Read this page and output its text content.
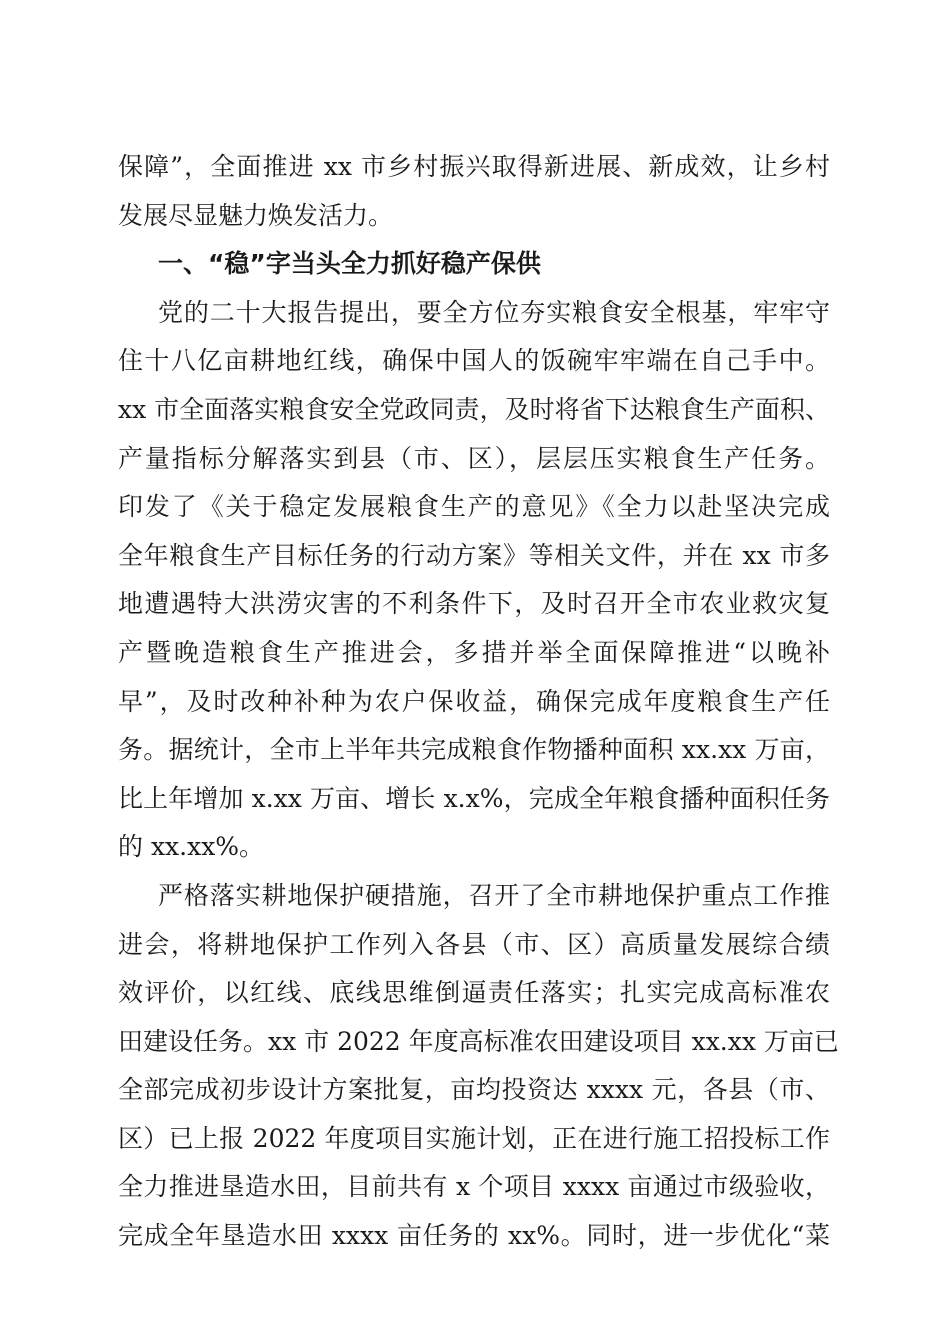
保障”，全面推进 xx 市乡村振兴取得新进展、新成效，让乡村
发展尽显魅力焕发活力。
一、“稳”字当头全力抓好稳产保供
党的二十大报告提出，要全方位夯实粮食安全根基，牢牢守
住十八亿亩耕地红线，确保中国人的饭碗牢牢端在自己手中。
xx 市全面落实粮食安全党政同责，及时将省下达粮食生产面积、
产量指标分解落实到县（市、区），层层压实粮食生产任务。
印发了《关于稳定发展粮食生产的意见》《全力以赴坚决完成
全年粮食生产目标任务的行动方案》等相关文件，并在 xx 市多
地遭遇特大洪涝灾害的不利条件下，及时召开全市农业救灾复
产暨晚造粮食生产推进会，多措并举全面保障推进“以晚补
早”，及时改种补种为农户保收益，确保完成年度粮食生产任
务。据统计，全市上半年共完成粮食作物播种面积 xx.xx 万亩，
比上年增加 x.xx 万亩、增长 x.x%，完成全年粮食播种面积任务
的 xx.xx%。
严格落实耕地保护硬措施，召开了全市耕地保护重点工作推
进会，将耕地保护工作列入各县（市、区）高质量发展综合绩
效评价，以红线、底线思维倒逼责任落实；扎实完成高标准农
田建设任务。xx 市 2022 年度高标准农田建设项目 xx.xx 万亩已
全部完成初步设计方案批复，亩均投资达 xxxx 元，各县（市、
区）已上报 2022 年度项目实施计划，正在进行施工招投标工作
全力推进垦造水田，目前共有 x 个项目 xxxx 亩通过市级验收，
完成全年垦造水田 xxxx 亩任务的 xx%。同时，进一步优化“菜
